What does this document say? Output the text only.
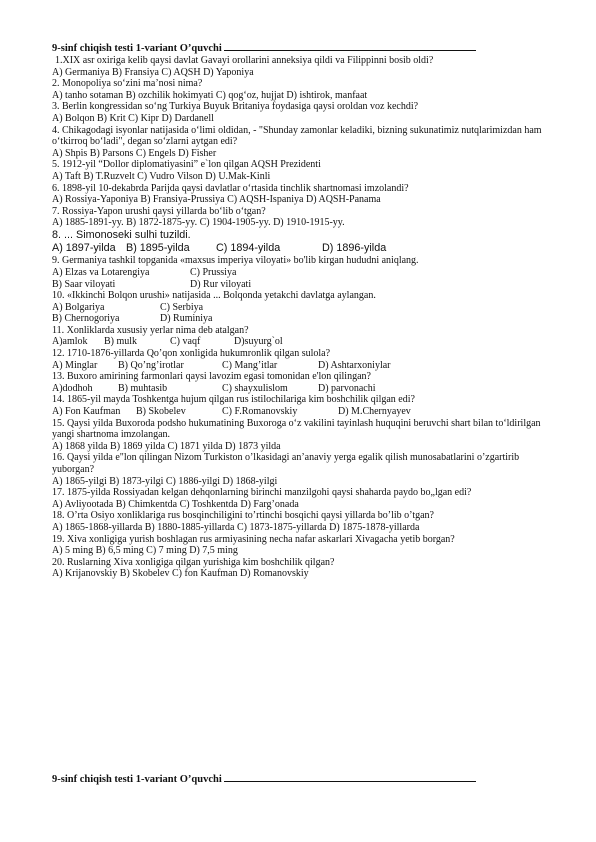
9-sinf chiqish testi 1-variant O’quvchi
1.XIX asr oxiriga kelib qaysi davlat Gavayi orollarini anneksiya qildi va Filippinni bosib oldi?
A) Germaniya B) Fransiya C) AQSH D) Yaponiya
2. Monopoliya so‘zini ma’nosi nima?
A) tanho sotaman B) ozchilik hokimyati C) qog‘oz, hujjat D) ishtirok, manfaat
3. Berlin kongressidan so‘ng Turkiya Buyuk Britaniya foydasiga qaysi oroldan voz kechdi?
A) Bolqon B) Krit C) Kipr D) Dardanell
4. Chikagodagi isyonlar natijasida o‘limi oldidan, - "Shunday zamonlar keladiki, bizning sukunatimiz nutqlarimizdan ham o‘tkirroq bo‘ladi", degan so‘zlarni aytgan edi?
A) Shpis B) Parsons C) Engels D) Fisher
5. 1912-yil “Dollor diplomatiyasini” e`lon qilgan AQSH Prezidenti
A) Taft B) T.Ruzvelt C) Vudro Vilson D) U.Mak-Kinli
6. 1898-yil 10-dekabrda Parijda qaysi davlatlar o‘rtasida tinchlik shartnomasi imzolandi?
A) Rossiya-Yaponiya B) Fransiya-Prussiya C) AQSH-Ispaniya D) AQSH-Panama
7. Rossiya-Yapon urushi qaysi yillarda bo‘lib o‘tgan?
A) 1885-1891-yy. B) 1872-1875-yy. C) 1904-1905-yy. D) 1910-1915-yy.
8. ... Simonoseki sulhi tuzildi.
A) 1897-yilda B) 1895-yilda	C) 1894-yilda	D) 1896-yilda
9. Germaniya tashkil topganida «maxsus imperiya viloyati» bo'lib kirgan hududni aniqlang.
A) Elzas va Lotarengiya	C) Prussiya
B) Saar viloyati	D) Rur viloyati
10. «Ikkinchi Bolqon urushi» natijasida ... Bolqonda yetakchi davlatga aylangan.
A) Bolgariya	C) Serbiya
B) Chernogoriya	D) Ruminiya
11. Xonliklarda xususiy yerlar nima deb atalgan?
A)amlok	B) mulk	C) vaqf	D)suyurg`ol
12. 1710-1876-yillarda Qo’qon xonligida hukumronlik qilgan sulola?
A) Minglar	B) Qo’ng’irotlar	C) Mang’itlar	D) Ashtarxoniylar
13. Buxoro amirining farmonlari qaysi lavozim egasi tomonidan e'lon qilingan?
A)dodhoh	B) muhtasib	C) shayxulislom	D) parvonachi
14. 1865-yil mayda Toshkentga hujum qilgan rus istilochilariga kim boshchilik qilgan edi?
A) Fon Kaufman	B) Skobelev	C) F.Romanovskiy	D) M.Chernyayev
15. Qaysi yilda Buxoroda podsho hukumatining Buxoroga o‘z vakilini tayinlash huquqini beruvchi shart bilan to‘ldirilgan yangi shartnoma imzolangan.
A) 1868 yilda B) 1869 yilda C) 1871 yilda D) 1873 yilda
16. Qaysi yilda e"lon qilingan Nizom Turkiston o’lkasidagi an’anaviy yerga egalik qilish munosabatlarini o’zgartirib yuborgan?
A) 1865-yilgi B) 1873-yilgi C) 1886-yilgi D) 1868-yilgi
17. 1875-yilda Rossiyadan kelgan dehqonlarning birinchi manzilgohi qaysi shaharda paydo bo„lgan edi?
A) Avliyootada B) Chimkentda C) Toshkentda D) Farg’onada
18. O’rta Osiyo xonliklariga rus bosqinchiligini to’rtinchi bosqichi qaysi yillarda bo’lib o’tgan?
A) 1865-1868-yillarda B) 1880-1885-yillarda C) 1873-1875-yillarda D) 1875-1878-yillarda
19. Xiva xonligiga yurish boshlagan rus armiyasining necha nafar askarlari Xivagacha yetib borgan?
A) 5 ming B) 6,5 ming C) 7 ming D) 7,5 ming
20. Ruslarning Xiva xonligiga qilgan yurishiga kim boshchilik qilgan?
A) Krijanovskiy B) Skobelev C) fon Kaufman D) Romanovskiy
9-sinf chiqish testi 1-variant O’quvchi
